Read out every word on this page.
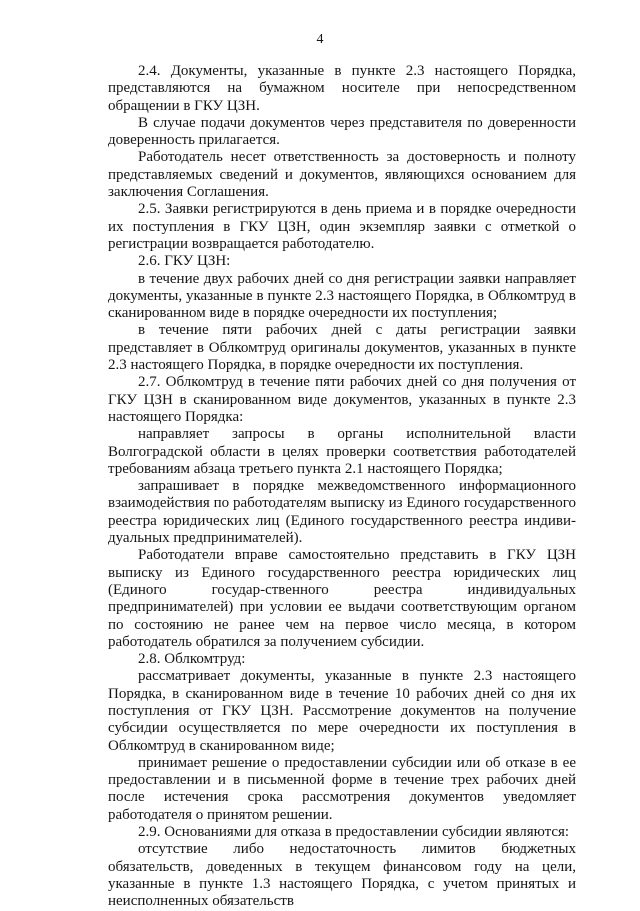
4

2.4. Документы, указанные в пункте 2.3 настоящего Порядка, представляются на бумажном носителе при непосредственном обращении в ГКУ ЦЗН.

В случае подачи документов через представителя по доверенности доверенность прилагается.

Работодатель несет ответственность за достоверность и полноту представляемых сведений и документов, являющихся основанием для заключения Соглашения.

2.5. Заявки регистрируются в день приема и в порядке очередности их поступления в ГКУ ЦЗН, один экземпляр заявки с отметкой о регистрации возвращается работодателю.

2.6. ГКУ ЦЗН:

в течение двух рабочих дней со дня регистрации заявки направляет документы, указанные в пункте 2.3 настоящего Порядка, в Облкомтруд в сканированном виде в порядке очередности их поступления;

в течение пяти рабочих дней с даты регистрации заявки представляет в Облкомтруд оригиналы документов, указанных в пункте 2.3 настоящего Порядка, в порядке очередности их поступления.

2.7. Облкомтруд в течение пяти рабочих дней со дня получения от ГКУ ЦЗН в сканированном виде документов, указанных в пункте 2.3 настоящего Порядка:

направляет запросы в органы исполнительной власти Волгоградской области в целях проверки соответствия работодателей требованиям абзаца третьего пункта 2.1 настоящего Порядка;

запрашивает в порядке межведомственного информационного взаимодействия по работодателям выписку из Единого государственного реестра юридических лиц (Единого государственного реестра индиви-дуальных предпринимателей).

Работодатели вправе самостоятельно представить в ГКУ ЦЗН выписку из Единого государственного реестра юридических лиц (Единого государ-ственного реестра индивидуальных предпринимателей) при условии ее выдачи соответствующим органом по состоянию не ранее чем на первое число месяца, в котором работодатель обратился за получением субсидии.

2.8. Облкомтруд:

рассматривает документы, указанные в пункте 2.3 настоящего Порядка, в сканированном виде в течение 10 рабочих дней со дня их поступления от ГКУ ЦЗН. Рассмотрение документов на получение субсидии осуществляется по мере очередности их поступления в Облкомтруд в сканированном виде;

принимает решение о предоставлении субсидии или об отказе в ее предоставлении и в письменной форме в течение трех рабочих дней после истечения срока рассмотрения документов уведомляет работодателя о принятом решении.

2.9. Основаниями для отказа в предоставлении субсидии являются:

отсутствие либо недостаточность лимитов бюджетных обязательств, доведенных в текущем финансовом году на цели, указанные в пункте 1.3 настоящего Порядка, с учетом принятых и неисполненных обязательств
